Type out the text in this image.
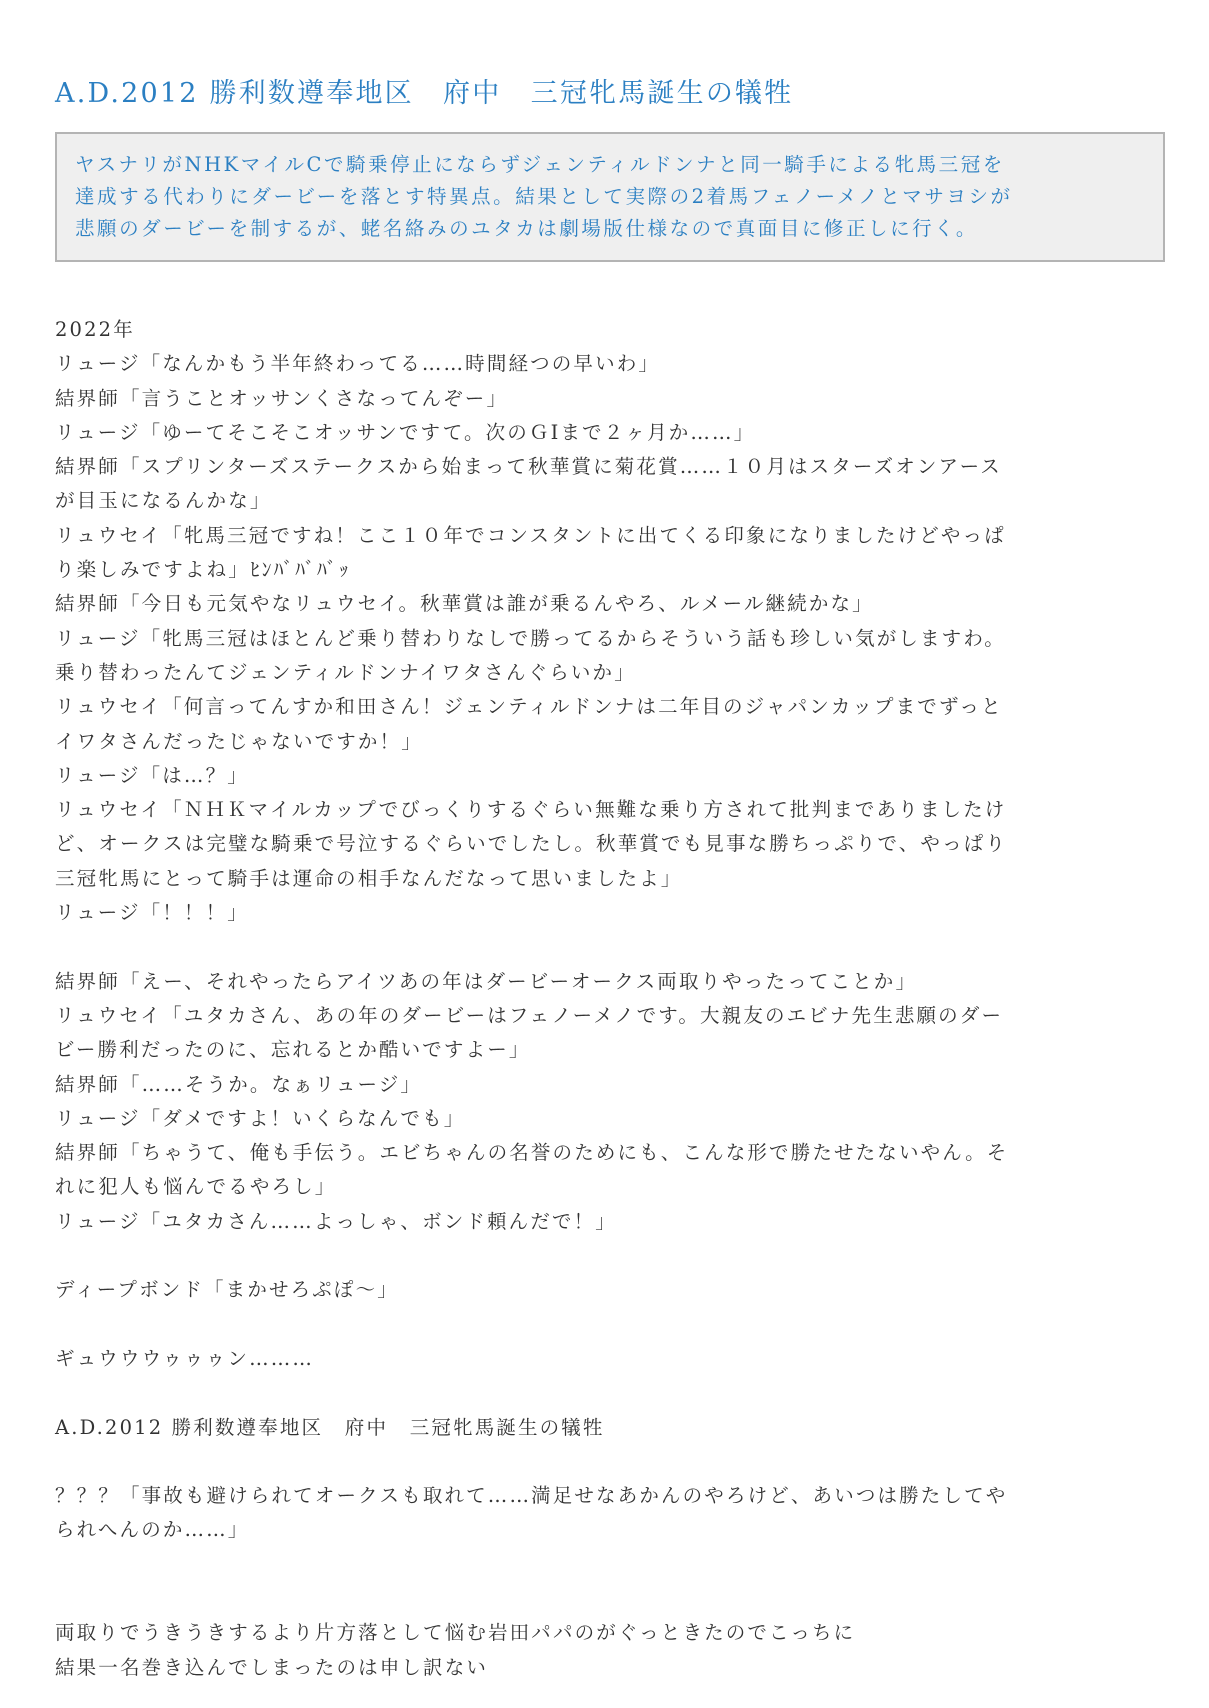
A.D.2012 勝利数遵奉地区　府中　三冠牝馬誕生の犠牲
ヤスナリがNHKマイルCで騎乗停止にならずジェンティルドンナと同一騎手による牝馬三冠を
達成する代わりにダービーを落とす特異点。結果として実際の2着馬フェノーメノとマサヨシが
悲願のダービーを制するが、蛯名絡みのユタカは劇場版仕様なので真面目に修正しに行く。
2022年
リュージ「なんかもう半年終わってる……時間経つの早いわ」
結界師「言うことオッサンくさなってんぞー」
リュージ「ゆーてそこそこオッサンですて。次のＧⅠまで２ヶ月か……」
結界師「スプリンターズステークスから始まって秋華賞に菊花賞……１０月はスターズオンアース
が目玉になるんかな」
リュウセイ「牝馬三冠ですね！ここ１０年でコンスタントに出てくる印象になりましたけどやっぱ
り楽しみですよね」ﾋﾝﾊﾞﾊﾞﾊﾞｯ
結界師「今日も元気やなリュウセイ。秋華賞は誰が乗るんやろ、ルメール継続かな」
リュージ「牝馬三冠はほとんど乗り替わりなしで勝ってるからそういう話も珍しい気がしますわ。
乗り替わったんてジェンティルドンナイワタさんぐらいか」
リュウセイ「何言ってんすか和田さん！ジェンティルドンナは二年目のジャパンカップまでずっと
イワタさんだったじゃないですか！」
リュージ「は…？」
リュウセイ「ＮＨＫマイルカップでびっくりするぐらい無難な乗り方されて批判までありましたけ
ど、オークスは完璧な騎乗で号泣するぐらいでしたし。秋華賞でも見事な勝ちっぷりで、やっぱり
三冠牝馬にとって騎手は運命の相手なんだなって思いましたよ」
リュージ「！！！」
結界師「えー、それやったらアイツあの年はダービーオークス両取りやったってことか」
リュウセイ「ユタカさん、あの年のダービーはフェノーメノです。大親友のエビナ先生悲願のダー
ビー勝利だったのに、忘れるとか酷いですよー」
結界師「……そうか。なぁリュージ」
リュージ「ダメですよ！いくらなんでも」
結界師「ちゃうて、俺も手伝う。エビちゃんの名誉のためにも、こんな形で勝たせたないやん。そ
れに犯人も悩んでるやろし」
リュージ「ユタカさん……よっしゃ、ボンド頼んだで！」
ディープボンド「まかせろぷぽ〜」
ギュウウウゥゥゥン………
A.D.2012 勝利数遵奉地区　府中　三冠牝馬誕生の犠牲
？？？「事故も避けられてオークスも取れて……満足せなあかんのやろけど、あいつは勝たしてや
られへんのか……」
両取りでうきうきするより片方落として悩む岩田パパのがぐっときたのでこっちに
結果一名巻き込んでしまったのは申し訳ない
